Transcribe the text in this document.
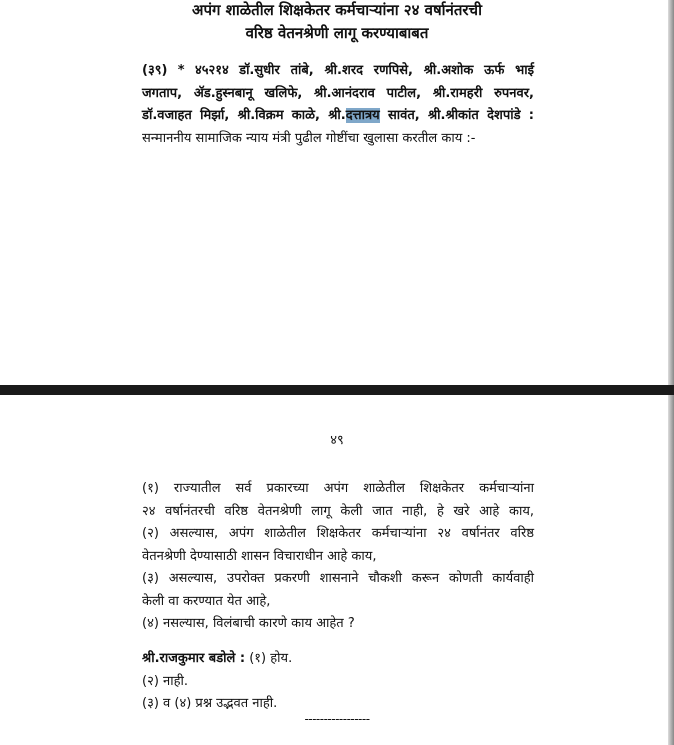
अपंग शाळेतील शिक्षकेतर कर्मचाऱ्यांना २४ वर्षानंतरची
वरिष्ठ वेतनश्रेणी लागू करण्याबाबत
(३९) * ४५२१४ डॉ.सुधीर तांबे, श्री.शरद रणपिसे, श्री.अशोक ऊर्फ भाई
जगताप, ॲड.हुस्नबानू खलिफे, श्री.आनंदराव पाटील, श्री.रामहरी रुपनवर,
डॉ.वजाहत मिर्झा, श्री.विक्रम काळे, श्री.दत्तात्रय सावंत, श्री.श्रीकांत देशपांडे :
सन्माननीय सामाजिक न्याय मंत्री पुढील गोष्टींचा खुलासा करतील काय :-
४९
(१) राज्यातील सर्व प्रकारच्या अपंग शाळेतील शिक्षकेतर कर्मचाऱ्यांना
२४ वर्षानंतरची वरिष्ठ वेतनश्रेणी लागू केली जात नाही, हे खरे आहे काय,
(२) असल्यास, अपंग शाळेतील शिक्षकेतर कर्मचाऱ्यांना २४ वर्षानंतर वरिष्ठ
वेतनश्रेणी देण्यासाठी शासन विचाराधीन आहे काय,
(३) असल्यास, उपरोक्त प्रकरणी शासनाने चौकशी करून कोणती कार्यवाही
केली वा करण्यात येत आहे,
(४) नसल्यास, विलंबाची कारणे काय आहेत ?
श्री.राजकुमार बडोले : (१) होय.
(२) नाही.
(३) व (४) प्रश्न उद्भवत नाही.
-----------------
